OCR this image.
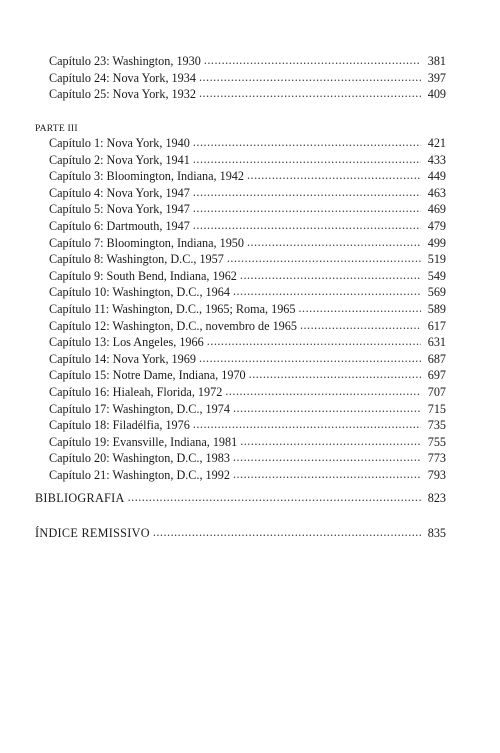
Capítulo 23: Washington, 1930 .....	381
Capítulo 24: Nova York, 1934 .....	397
Capítulo 25: Nova York, 1932 .....	409
PARTE III
Capítulo 1: Nova York, 1940 .....	421
Capítulo 2: Nova York, 1941 .....	433
Capítulo 3: Bloomington, Indiana, 1942 .....	449
Capítulo 4: Nova York, 1947 .....	463
Capítulo 5: Nova York, 1947 .....	469
Capítulo 6: Dartmouth, 1947 .....	479
Capítulo 7: Bloomington, Indiana, 1950 .....	499
Capítulo 8: Washington, D.C., 1957 .....	519
Capítulo 9: South Bend, Indiana, 1962 .....	549
Capítulo 10: Washington, D.C., 1964 .....	569
Capítulo 11: Washington, D.C., 1965; Roma, 1965 .....	589
Capítulo 12: Washington, D.C., novembro de 1965 .....	617
Capítulo 13: Los Angeles, 1966 .....	631
Capítulo 14: Nova York, 1969 .....	687
Capítulo 15: Notre Dame, Indiana, 1970 .....	697
Capítulo 16: Hialeah, Florida, 1972 .....	707
Capítulo 17: Washington, D.C., 1974 .....	715
Capítulo 18: Filadélfia, 1976 .....	735
Capítulo 19: Evansville, Indiana, 1981 .....	755
Capítulo 20: Washington, D.C., 1983 .....	773
Capítulo 21: Washington, D.C., 1992 .....	793
BIBLIOGRAFIA .....	823
ÍNDICE REMISSIVO .....	835
